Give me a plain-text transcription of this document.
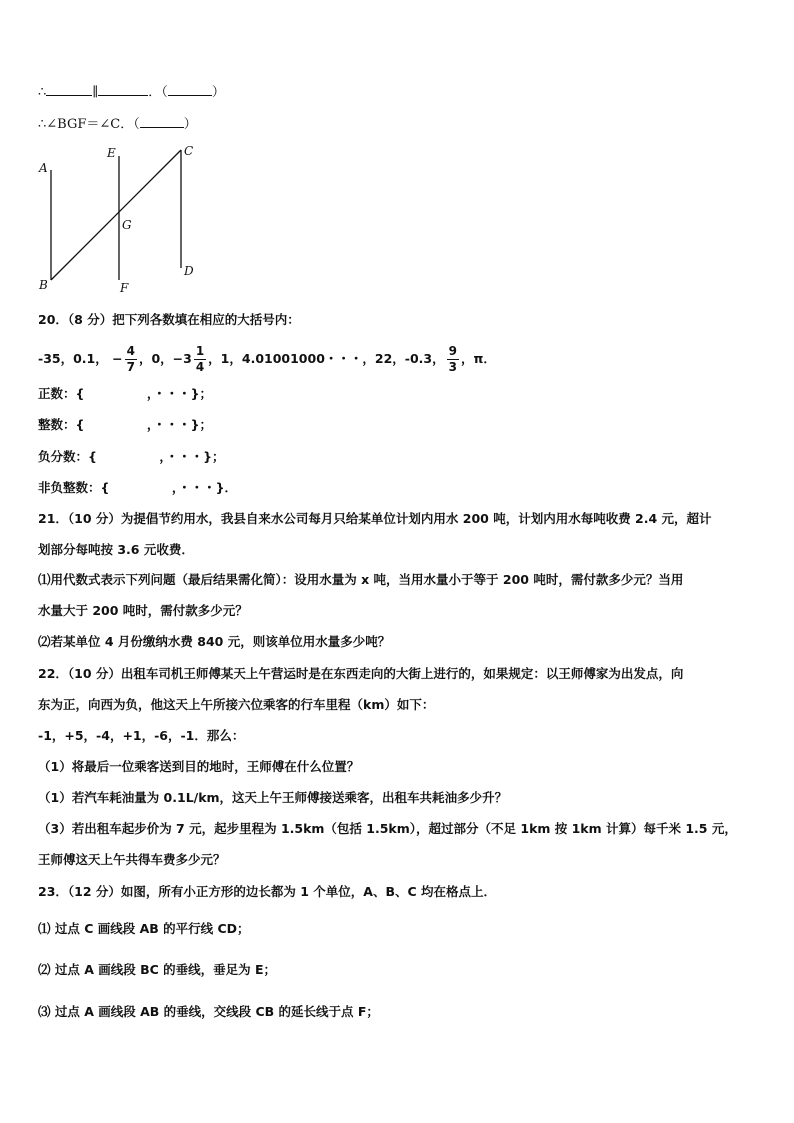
∴	∥	．（	）
∴∠BGF＝∠C．（	）
A
B
E
F
G
C
D
20．（8 分）把下列各数填在相应的大括号内：
-35，0.1， − $\frac{4}{7}$ ，0， $-3 \frac{1}{4}$ ，1，4.01001000・・・，22，-0.3， $\frac{9}{3}$ ，π．
正数：{　　　　　，・・・}；
整数：{　　　　　，・・・}；
负分数：{　　　　　，・・・}；
非负整数：{　　　　　，・・・}．
21．（10 分）为提倡节约用水，我县自来水公司每月只给某单位计划内用水 200 吨，计划内用水每吨收费 2.4 元，超计
划部分每吨按 3.6 元收费．
⑴用代数式表示下列问题（最后结果需化简）：设用水量为 x 吨，当用水量小于等于 200 吨时，需付款多少元？当用
水量大于 200 吨时，需付款多少元？
⑵若某单位 4 月份缴纳水费 840 元，则该单位用水量多少吨？
22．（10 分）出租车司机王师傅某天上午营运时是在东西走向的大街上进行的，如果规定：以王师傅家为出发点，向
东为正，向西为负，他这天上午所接六位乘客的行车里程（km）如下：
-1，+5，-4，+1，-6，-1．那么：
（1）将最后一位乘客送到目的地时，王师傅在什么位置？
（1）若汽车耗油量为 0.1L/km，这天上午王师傅接送乘客，出租车共耗油多少升？
（3）若出租车起步价为 7 元，起步里程为 1.5km（包括 1.5km），超过部分（不足 1km 按 1km 计算）每千米 1.5 元，
王师傅这天上午共得车费多少元？
23．（12 分）如图，所有小正方形的边长都为 1 个单位，A、B、C 均在格点上．
⑴ 过点 C 画线段 AB 的平行线 CD；
⑵ 过点 A 画线段 BC 的垂线，垂足为 E；
⑶ 过点 A 画线段 AB 的垂线，交线段 CB 的延长线于点 F；
